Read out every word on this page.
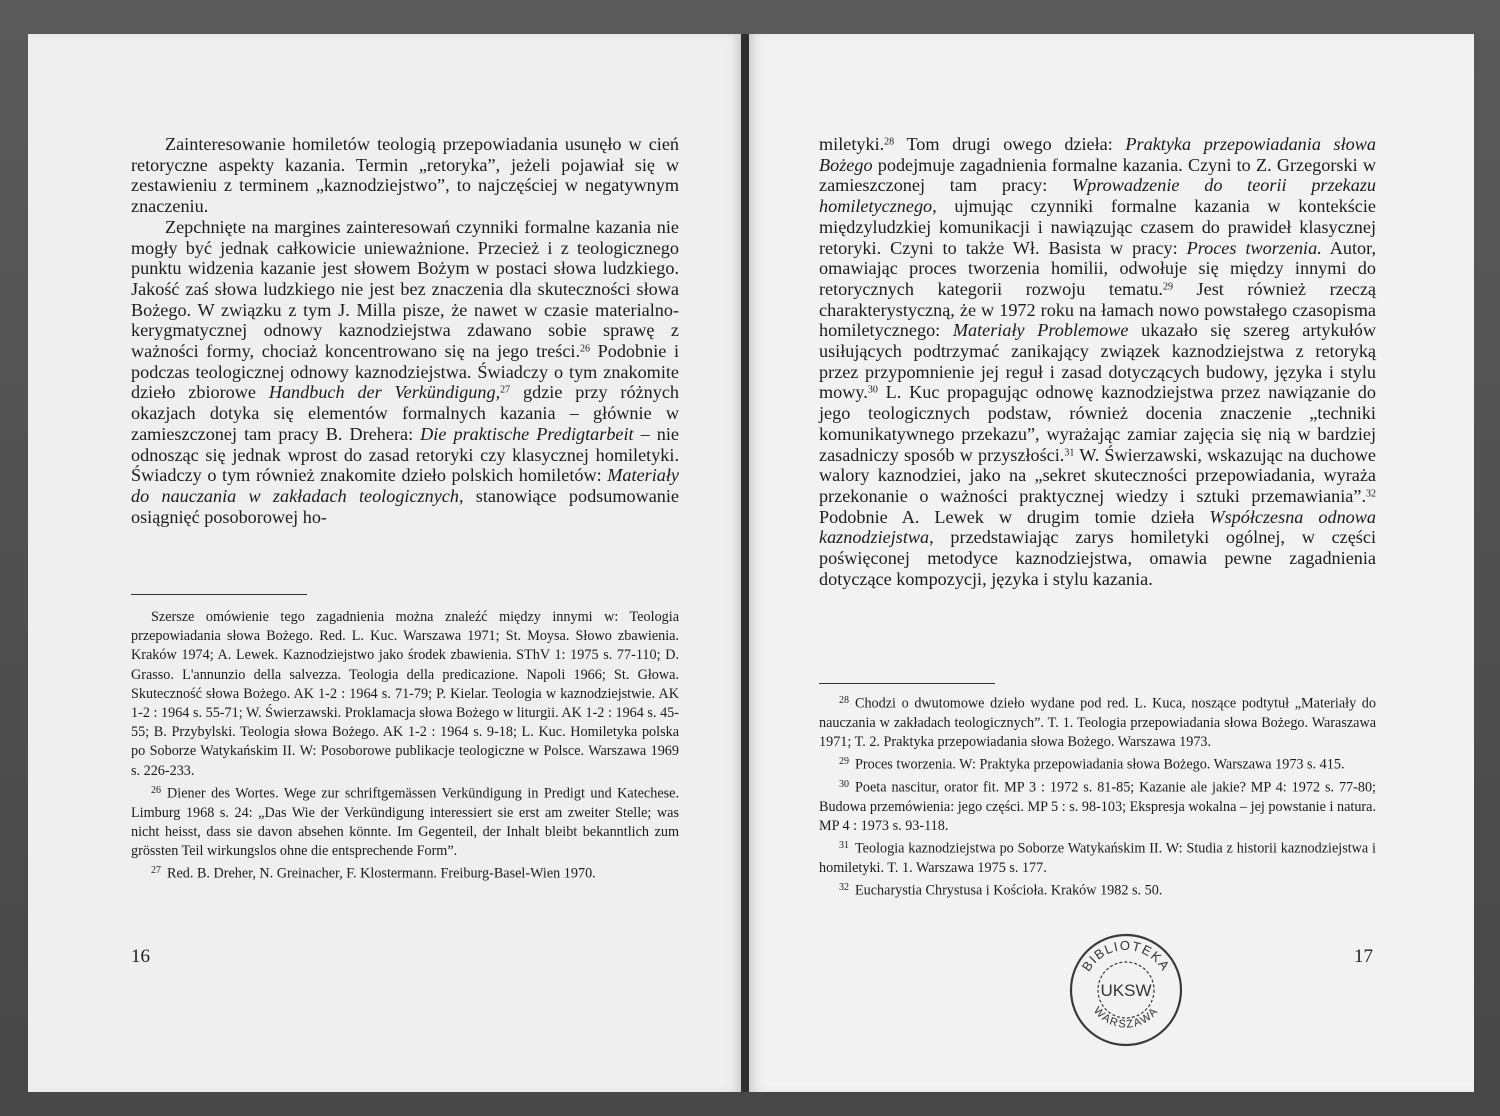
Zainteresowanie homiletów teologią przepowiadania usunęło w cień retoryczne aspekty kazania. Termin „retoryka”, jeżeli pojawiał się w zestawieniu z terminem „kaznodziejstwo”, to najczęściej w negatywnym znaczeniu.

Zepchnięte na margines zainteresowań czynniki formalne kazania nie mogły być jednak całkowicie unieważnione. Przecież i z teologicznego punktu widzenia kazanie jest słowem Bożym w postaci słowa ludzkiego. Jakość zaś słowa ludzkiego nie jest bez znaczenia dla skuteczności słowa Bożego. W związku z tym J. Milla pisze, że nawet w czasie materialno-kerygmatycznej odnowy kaznodziejstwa zdawano sobie sprawę z ważności formy, chociaż koncentrowano się na jego treści.$^{26}$ Podobnie i podczas teologicznej odnowy kaznodziejstwa. Świadczy o tym znakomite dzieło zbiorowe Handbuch der Verkündigung,$^{27}$ gdzie przy różnych okazjach dotyka się elementów formalnych kazania – głównie w zamieszczonej tam pracy B. Drehera: Die praktische Predigtarbeit – nie odnosząc się jednak wprost do zasad retoryki czy klasycznej homiletyki. Świadczy o tym również znakomite dzieło polskich homiletów: Materiały do nauczania w zakładach teologicznych, stanowiące podsumowanie osiągnięć posoborowej ho-

Szersze omówienie tego zagadnienia można znaleźć między innymi w: Teologia przepowiadania słowa Bożego. Red. L. Kuc. Warszawa 1971; St. Moysa. Słowo zbawienia. Kraków 1974; A. Lewek. Kaznodziejstwo jako środek zbawienia. SThV 1: 1975 s. 77-110; D. Grasso. L'annunzio della salvezza. Teologia della predicazione. Napoli 1966; St. Głowa. Skuteczność słowa Bożego. AK 1-2 : 1964 s. 71-79; P. Kielar. Teologia w kaznodziejstwie. AK 1-2 : 1964 s. 55-71; W. Świerzawski. Proklamacja słowa Bożego w liturgii. AK 1-2 : 1964 s. 45-55; B. Przybylski. Teologia słowa Bożego. AK 1-2 : 1964 s. 9-18; L. Kuc. Homiletyka polska po Soborze Watykańskim II. W: Posoborowe publikacje teologiczne w Polsce. Warszawa 1969 s. 226-233.

$^{26}$ Diener des Wortes. Wege zur schriftgemässen Verkündigung in Predigt und Katechese. Limburg 1968 s. 24: „Das Wie der Verkündigung interessiert sie erst am zweiter Stelle; was nicht heisst, dass sie davon absehen könnte. Im Gegenteil, der Inhalt bleibt bekanntlich zum grössten Teil wirkungslos ohne die entsprechende Form”.

$^{27}$ Red. B. Dreher, N. Greinacher, F. Klostermann. Freiburg-Basel-Wien 1970.

16

miletyki.$^{28}$ Tom drugi owego dzieła: Praktyka przepowiadania słowa Bożego podejmuje zagadnienia formalne kazania. Czyni to Z. Grzegorski w zamieszczonej tam pracy: Wprowadzenie do teorii przekazu homiletycznego, ujmując czynniki formalne kazania w kontekście międzyludzkiej komunikacji i nawiązując czasem do prawideł klasycznej retoryki. Czyni to także Wł. Basista w pracy: Proces tworzenia. Autor, omawiając proces tworzenia homilii, odwołuje się między innymi do retorycznych kategorii rozwoju tematu.$^{29}$ Jest również rzeczą charakterystyczną, że w 1972 roku na łamach nowo powstałego czasopisma homiletycznego: Materiały Problemowe ukazało się szereg artykułów usiłujących podtrzymać zanikający związek kaznodziejstwa z retoryką przez przypomnienie jej reguł i zasad dotyczących budowy, języka i stylu mowy.$^{30}$ L. Kuc propagując odnowę kaznodziejstwa przez nawiązanie do jego teologicznych podstaw, również docenia znaczenie „techniki komunikatywnego przekazu”, wyrażając zamiar zajęcia się nią w bardziej zasadniczy sposób w przyszłości.$^{31}$ W. Świerzawski, wskazując na duchowe walory kaznodziei, jako na „sekret skuteczności przepowiadania, wyraża przekonanie o ważności praktycznej wiedzy i sztuki przemawiania”.$^{32}$ Podobnie A. Lewek w drugim tomie dzieła Współczesna odnowa kaznodziejstwa, przedstawiając zarys homiletyki ogólnej, w części poświęconej metodyce kaznodziejstwa, omawia pewne zagadnienia dotyczące kompozycji, języka i stylu kazania.

$^{28}$ Chodzi o dwutomowe dzieło wydane pod red. L. Kuca, noszące podtytuł „Materiały do nauczania w zakładach teologicznych”. T. 1. Teologia przepowiadania słowa Bożego. Waraszawa 1971; T. 2. Praktyka przepowiadania słowa Bożego. Warszawa 1973.

$^{29}$ Proces tworzenia. W: Praktyka przepowiadania słowa Bożego. Warszawa 1973 s. 415.

$^{30}$ Poeta nascitur, orator fit. MP 3 : 1972 s. 81-85; Kazanie ale jakie? MP 4: 1972 s. 77-80; Budowa przemówienia: jego części. MP 5 : s. 98-103; Ekspresja wokalna – jej powstanie i natura. MP 4 : 1973 s. 93-118.

$^{31}$ Teologia kaznodziejstwa po Soborze Watykańskim II. W: Studia z historii kaznodziejstwa i homiletyki. T. 1. Warszawa 1975 s. 177.

$^{32}$ Eucharystia Chrystusa i Kościoła. Kraków 1982 s. 50.

17
BIBLIOTEKA
UKSW
WARSZAWA
